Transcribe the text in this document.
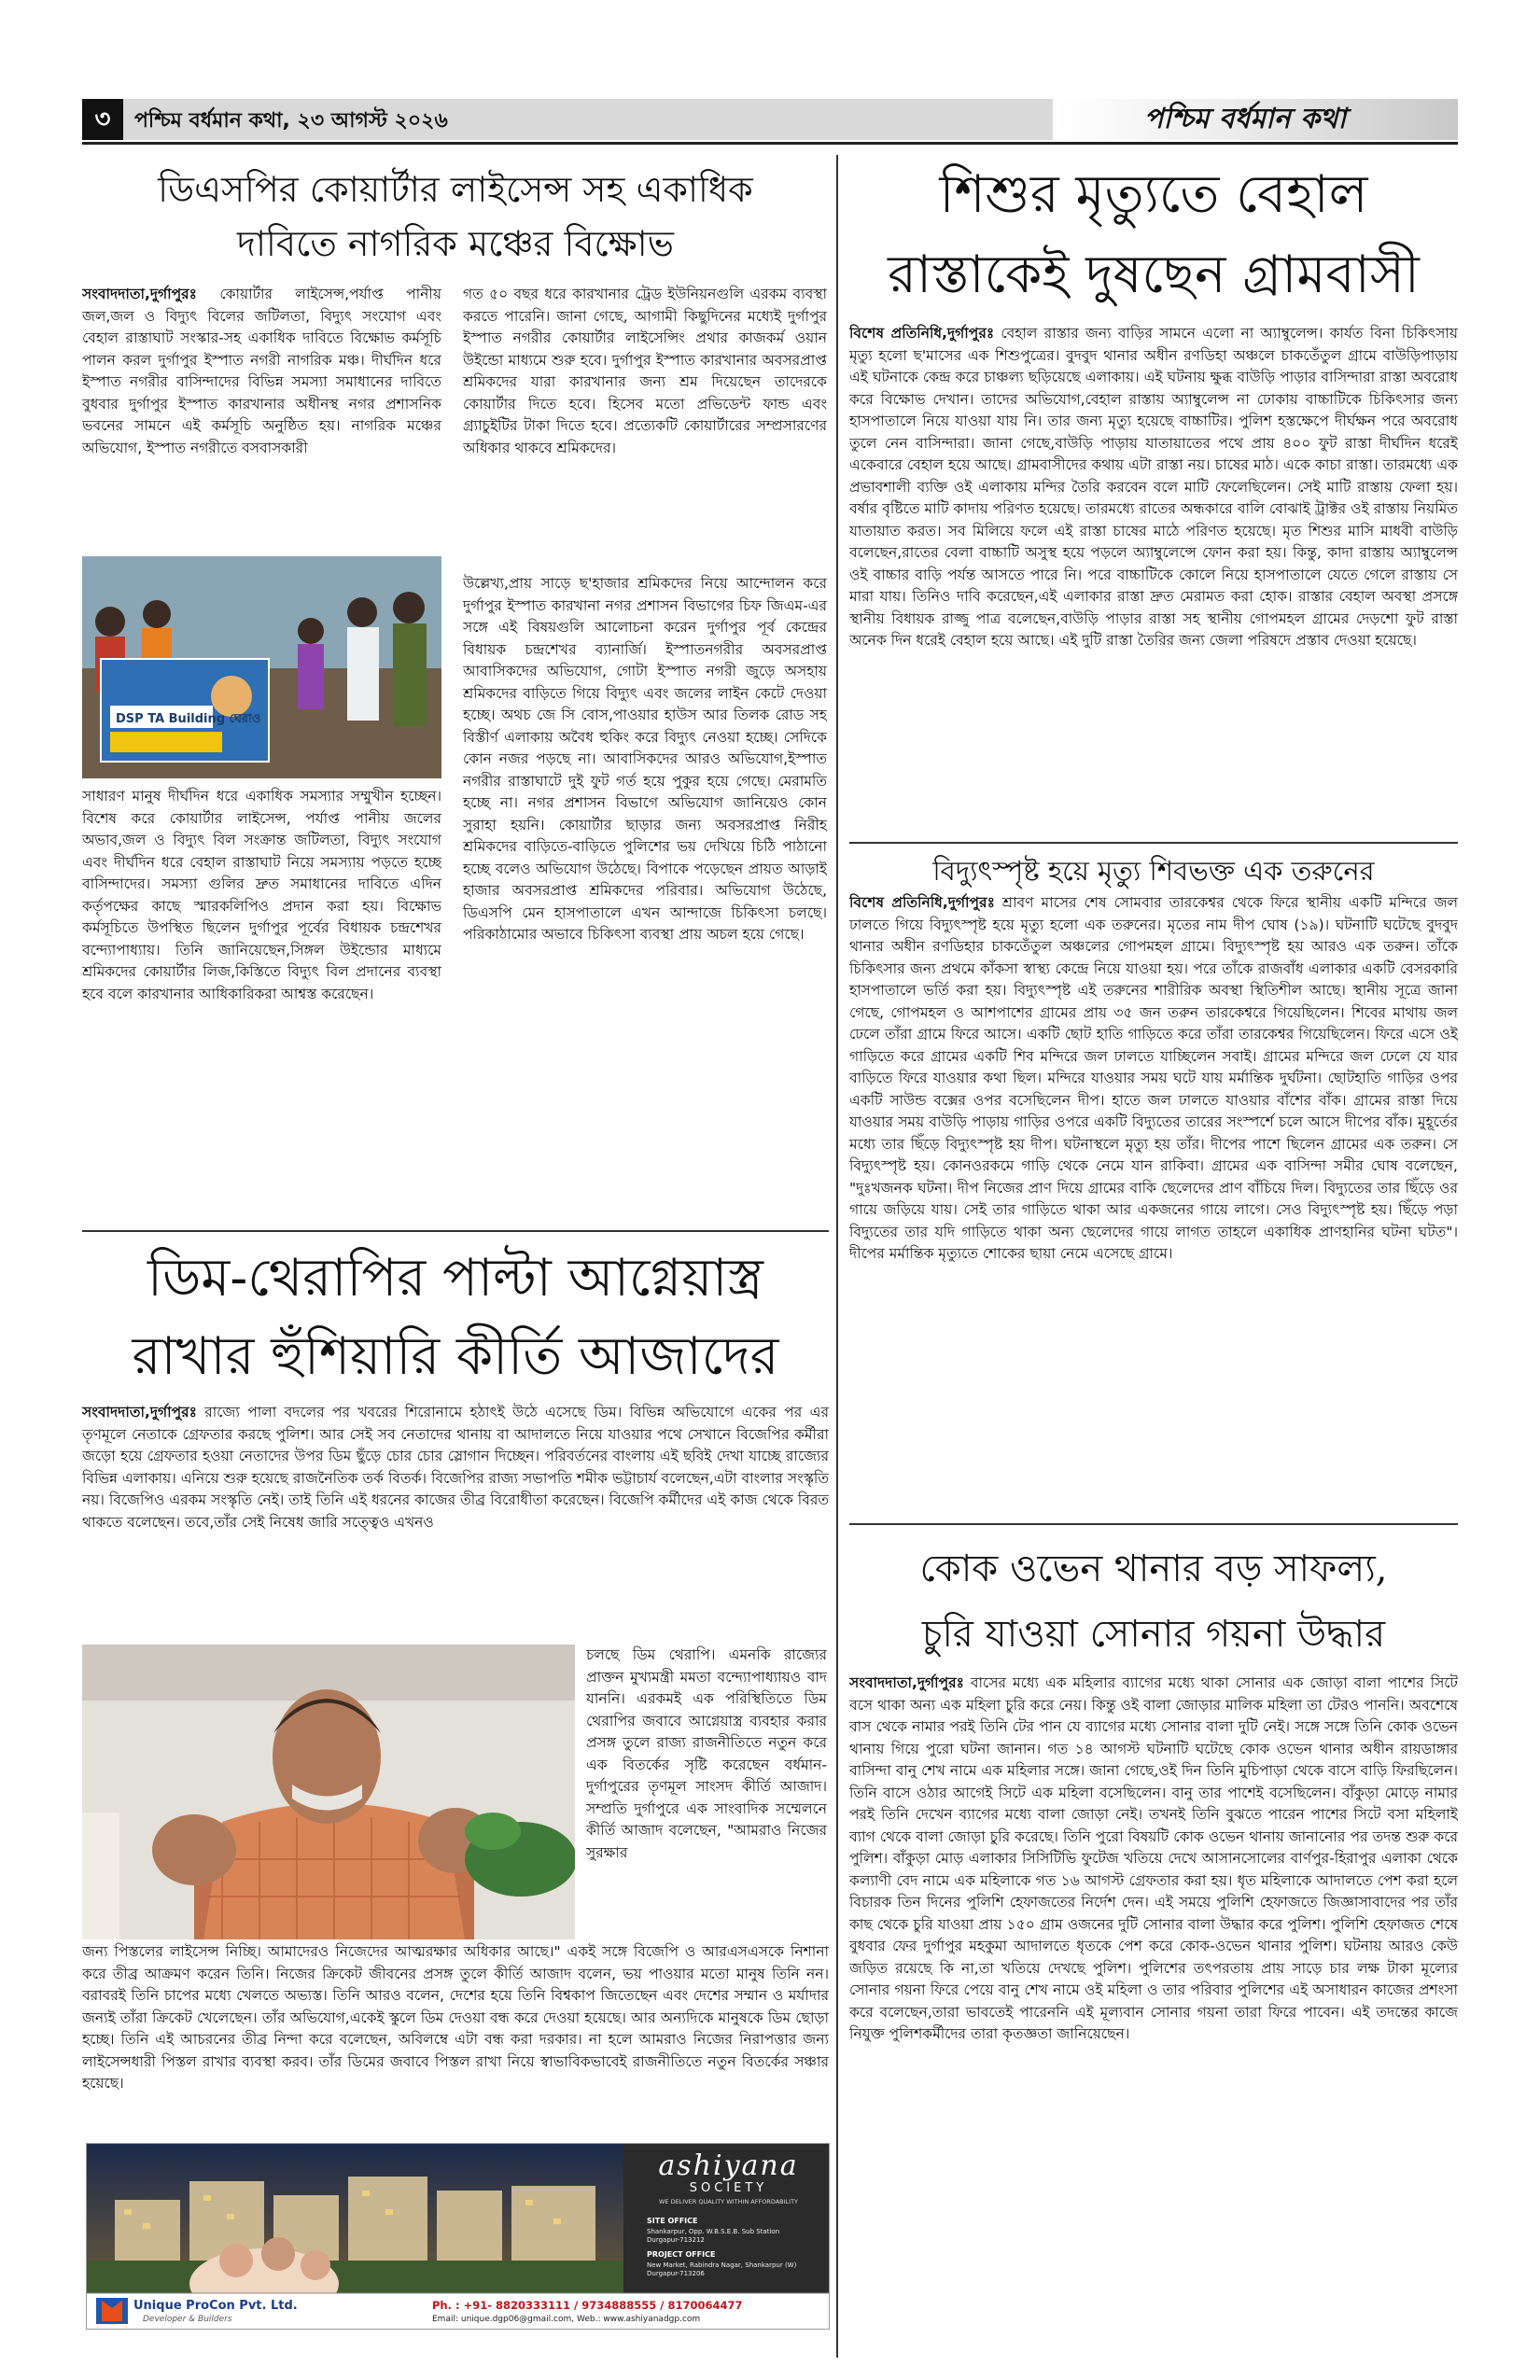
৩	পশ্চিম বর্ধমান কথা, ২৩ আগস্ট ২০২৬	পশ্চিম বর্ধমান কথা
ডিএসপির কোয়ার্টার লাইসেন্স সহ একাধিক
দাবিতে নাগরিক মঞ্চের বিক্ষোভ
সংবাদদাতা,দুর্গাপুরঃ কোয়ার্টার লাইসেন্স,পর্যাপ্ত পানীয় জল,জল ও বিদ্যুৎ বিলের জটিলতা, বিদ্যুৎ সংযোগ এবং বেহাল রাস্তাঘাট সংস্কার-সহ একাধিক দাবিতে বিক্ষোভ কর্মসূচি পালন করল দুর্গাপুর ইস্পাত নগরী নাগরিক মঞ্চ। দীর্ঘদিন ধরে ইস্পাত নগরীর বাসিন্দাদের বিভিন্ন সমস্যা সমাধানের দাবিতে বুধবার দুর্গাপুর ইস্পাত কারখানার অধীনস্থ নগর প্রশাসনিক ভবনের সামনে এই কর্মসূচি অনুষ্ঠিত হয়। নাগরিক মঞ্চের অভিযোগ, ইস্পাত নগরীতে বসবাসকারী
DSP TA Building ঘেরাও
সাধারণ মানুষ দীর্ঘদিন ধরে একাধিক সমস্যার সম্মুখীন হচ্ছেন। বিশেষ করে কোয়ার্টার লাইসেন্স, পর্যাপ্ত পানীয় জলের অভাব,জল ও বিদ্যুৎ বিল সংক্রান্ত জটিলতা, বিদ্যুৎ সংযোগ এবং দীর্ঘদিন ধরে বেহাল রাস্তাঘাট নিয়ে সমস্যায় পড়তে হচ্ছে বাসিন্দাদের। সমস্যা গুলির দ্রুত সমাধানের দাবিতে এদিন কর্তৃপক্ষের কাছে স্মারকলিপিও প্রদান করা হয়। বিক্ষোভ কর্মসূচিতে উপস্থিত ছিলেন দুর্গাপুর পূর্বের বিধায়ক চন্দ্রশেখর বন্দ্যোপাধ্যায়। তিনি জানিয়েছেন,সিঙ্গল উইন্ডোর মাধ্যমে শ্রমিকদের কোয়ার্টার লিজ,কিস্তিতে বিদ্যুৎ বিল প্রদানের ব্যবস্থা হবে বলে কারখানার আধিকারিকরা আশ্বস্ত করেছেন।
গত ৫০ বছর ধরে কারখানার ট্রেড ইউনিয়নগুলি এরকম ব্যবস্থা করতে পারেনি। জানা গেছে, আগামী কিছুদিনের মধ্যেই দুর্গাপুর ইস্পাত নগরীর কোয়ার্টার লাইসেন্সিং প্রথার কাজকর্ম ওয়ান উইন্ডো মাধ্যমে শুরু হবে। দুর্গাপুর ইস্পাত কারখানার অবসরপ্রাপ্ত শ্রমিকদের যারা কারখানার জন্য শ্রম দিয়েছেন তাদেরকে কোয়ার্টার দিতে হবে। হিসেব মতো প্রভিডেন্ট ফান্ড এবং গ্র্যাচুইটির টাকা দিতে হবে। প্রত্যেকটি কোয়ার্টারের সম্প্রসারণের অধিকার থাকবে শ্রমিকদের।
উল্লেখ্য,প্রায় সাড়ে ছ'হাজার শ্রমিকদের নিয়ে আন্দোলন করে দুর্গাপুর ইস্পাত কারখানা নগর প্রশাসন বিভাগের চিফ জিএম-এর সঙ্গে এই বিষয়গুলি আলোচনা করেন দুর্গাপুর পূর্ব কেন্দ্রের বিধায়ক চন্দ্রশেখর ব্যানার্জি। ইস্পাতনগরীর অবসরপ্রাপ্ত আবাসিকদের অভিযোগ, গোটা ইস্পাত নগরী জুড়ে অসহায় শ্রমিকদের বাড়িতে গিয়ে বিদ্যুৎ এবং জলের লাইন কেটে দেওয়া হচ্ছে। অথচ জে সি বোস,পাওয়ার হাউস আর তিলক রোড সহ বিস্তীর্ণ এলাকায় অবৈধ হুকিং করে বিদ্যুৎ নেওয়া হচ্ছে। সেদিকে কোন নজর পড়ছে না। আবাসিকদের আরও অভিযোগ,ইস্পাত নগরীর রাস্তাঘাটে দুই ফুট গর্ত হয়ে পুকুর হয়ে গেছে। মেরামতি হচ্ছে না। নগর প্রশাসন বিভাগে অভিযোগ জানিয়েও কোন সুরাহা হয়নি। কোয়ার্টার ছাড়ার জন্য অবসরপ্রাপ্ত নিরীহ শ্রমিকদের বাড়িতে-বাড়িতে পুলিশের ভয় দেখিয়ে চিঠি পাঠানো হচ্ছে বলেও অভিযোগ উঠেছে। বিপাকে পড়েছেন প্রায়ত আড়াই হাজার অবসরপ্রাপ্ত শ্রমিকদের পরিবার। অভিযোগ উঠেছে, ডিএসপি মেন হাসপাতালে এখন আন্দাজে চিকিৎসা চলছে। পরিকাঠামোর অভাবে চিকিৎসা ব্যবস্থা প্রায় অচল হয়ে গেছে।
ডিম-থেরাপির পাল্টা আগ্নেয়াস্ত্র
রাখার হুঁশিয়ারি কীর্তি আজাদের
সংবাদদাতা,দুর্গাপুরঃ রাজ্যে পালা বদলের পর খবরের শিরোনামে হঠাৎই উঠে এসেছে ডিম। বিভিন্ন অভিযোগে একের পর এর তৃণমূলে নেতাকে গ্রেফতার করছে পুলিশ। আর সেই সব নেতাদের থানায় বা আদালতে নিয়ে যাওয়ার পথে সেখানে বিজেপির কর্মীরা জড়ো হয়ে গ্রেফতার হওয়া নেতাদের উপর ডিম ছুঁড়ে চোর চোর স্লোগান দিচ্ছেন। পরিবর্তনের বাংলায় এই ছবিই দেখা যাচ্ছে রাজ্যের বিভিন্ন এলাকায়। এনিয়ে শুরু হয়েছে রাজনৈতিক তর্ক বিতর্ক। বিজেপির রাজ্য সভাপতি শমীক ভট্টাচার্য বলেছেন,এটা বাংলার সংস্কৃতি নয়। বিজেপিও এরকম সংস্কৃতি নেই। তাই তিনি এই ধরনের কাজের তীব্র বিরোধীতা করেছেন। বিজেপি কর্মীদের এই কাজ থেকে বিরত থাকতে বলেছেন। তবে,তাঁর সেই নিষেধ জারি সত্ত্বেও এখনও
চলছে ডিম থেরাপি। এমনকি রাজ্যের প্রাক্তন মুখ্যমন্ত্রী মমতা বন্দ্যোপাধ্যায়ও বাদ যাননি। এরকমই এক পরিস্থিতিতে ডিম থেরাপির জবাবে আগ্নেয়াস্ত্র ব্যবহার করার প্রসঙ্গ তুলে রাজ্য রাজনীতিতে নতুন করে এক বিতর্কের সৃষ্টি করেছেন বর্ধমান-দুর্গাপুরের তৃণমূল সাংসদ কীর্তি আজাদ। সম্প্রতি দুর্গাপুরে এক সাংবাদিক সম্মেলনে কীর্তি আজাদ বলেছেন, "আমরাও নিজের সুরক্ষার
জন্য পিস্তলের লাইসেন্স নিচ্ছি। আমাদেরও নিজেদের আত্মরক্ষার অধিকার আছে।" একই সঙ্গে বিজেপি ও আরএসএসকে নিশানা করে তীব্র আক্রমণ করেন তিনি। নিজের ক্রিকেট জীবনের প্রসঙ্গ তুলে কীর্তি আজাদ বলেন, ভয় পাওয়ার মতো মানুষ তিনি নন। বরাবরই তিনি চাপের মধ্যে খেলতে অভ্যস্ত। তিনি আরও বলেন, দেশের হয়ে তিনি বিশ্বকাপ জিতেছেন এবং দেশের সম্মান ও মর্যাদার জন্যই তাঁরা ক্রিকেট খেলেছেন। তাঁর অভিযোগ,একেই স্কুলে ডিম দেওয়া বন্ধ করে দেওয়া হয়েছে। আর অন্যদিকে মানুষকে ডিম ছোড়া হচ্ছে। তিনি এই আচরনের তীব্র নিন্দা করে বলেছেন, অবিলম্বে এটা বন্ধ করা দরকার। না হলে আমরাও নিজের নিরাপত্তার জন্য লাইসেন্সধারী পিস্তল রাখার ব্যবস্থা করব। তাঁর ডিমের জবাবে পিস্তল রাখা নিয়ে স্বাভাবিকভাবেই রাজনীতিতে নতুন বিতর্কের সঞ্চার হয়েছে।
ashiyana
SOCIETY
WE DELIVER QUALITY WITHIN AFFORDABILITY
SITE OFFICE
Shankarpur, Opp. W.B.S.E.B. Sub Station Durgapur-713212
PROJECT OFFICE
New Market, Rabindra Nagar, Shankarpur (W) Durgapur-713206
Unique ProCon Pvt. Ltd.
Developer & Builders
Ph. : +91- 8820333111 / 9734888555 / 8170064477
Email: unique.dgp06@gmail.com, Web.: www.ashiyanadgp.com
শিশুর মৃত্যুতে বেহাল
রাস্তাকেই দুষছেন গ্রামবাসী
বিশেষ প্রতিনিধি,দুর্গাপুরঃ বেহাল রাস্তার জন্য বাড়ির সামনে এলো না অ্যাম্বুলেন্স। কার্যত বিনা চিকিৎসায় মৃত্যু হলো ছ'মাসের এক শিশুপুত্রের। বুদবুদ থানার অধীন রণডিহা অঞ্চলে চাকতেঁতুল গ্রামে বাউড়িপাড়ায় এই ঘটনাকে কেন্দ্র করে চাঞ্চল্য ছড়িয়েছে এলাকায়। এই ঘটনায় ক্ষুব্ধ বাউড়ি পাড়ার বাসিন্দারা রাস্তা অবরোধ করে বিক্ষোভ দেখান। তাদের অভিযোগ,বেহাল রাস্তায় অ্যাম্বুলেন্স না ঢোকায় বাচ্চাটিকে চিকিৎসার জন্য হাসপাতালে নিয়ে যাওয়া যায় নি। তার জন্য মৃত্যু হয়েছে বাচ্চাটির। পুলিশ হস্তক্ষেপে দীর্ঘক্ষন পরে অবরোধ তুলে নেন বাসিন্দারা। জানা গেছে,বাউড়ি পাড়ায় যাতায়াতের পথে প্রায় ৪০০ ফুট রাস্তা দীর্ঘদিন ধরেই একেবারে বেহাল হয়ে আছে। গ্রামবাসীদের কথায় এটা রাস্তা নয়। চাষের মাঠ। একে কাচা রাস্তা। তারমধ্যে এক প্রভাবশালী ব্যক্তি ওই এলাকায় মন্দির তৈরি করবেন বলে মাটি ফেলেছিলেন। সেই মাটি রাস্তায় ফেলা হয়। বর্ষার বৃষ্টিতে মাটি কাদায় পরিণত হয়েছে। তারমধ্যে রাতের অন্ধকারে বালি বোঝাই ট্রাক্টর ওই রাস্তায় নিয়মিত যাতায়াত করত। সব মিলিয়ে ফলে এই রাস্তা চাষের মাঠে পরিণত হয়েছে। মৃত শিশুর মাসি মাধবী বাউড়ি বলেছেন,রাতের বেলা বাচ্চাটি অসুস্থ হয়ে পড়লে অ্যাম্বুলেন্সে ফোন করা হয়। কিন্তু, কাদা রাস্তায় অ্যাম্বুলেন্স ওই বাচ্চার বাড়ি পর্যন্ত আসতে পারে নি। পরে বাচ্চাটিকে কোলে নিয়ে হাসপাতালে যেতে গেলে রাস্তায় সে মারা যায়। তিনিও দাবি করেছেন,এই এলাকার রাস্তা দ্রুত মেরামত করা হোক। রাস্তার বেহাল অবস্থা প্রসঙ্গে স্থানীয় বিধায়ক রাজ্জু পাত্র বলেছেন,বাউড়ি পাড়ার রাস্তা সহ স্থানীয় গোপমহল গ্রামের দেড়শো ফুট রাস্তা অনেক দিন ধরেই বেহাল হয়ে আছে। এই দুটি রাস্তা তৈরির জন্য জেলা পরিষদে প্রস্তাব দেওয়া হয়েছে।
বিদ্যুৎস্পৃষ্ট হয়ে মৃত্যু শিবভক্ত এক তরুনের
বিশেষ প্রতিনিধি,দুর্গাপুরঃ শ্রাবণ মাসের শেষ সোমবার তারকেশ্বর থেকে ফিরে স্থানীয় একটি মন্দিরে জল ঢালতে গিয়ে বিদ্যুৎস্পৃষ্ট হয়ে মৃত্যু হলো এক তরুনের। মৃতের নাম দীপ ঘোষ (১৯)। ঘটনাটি ঘটেছে বুদবুদ থানার অধীন রণডিহার চাকতেঁতুল অঞ্চলের গোপমহল গ্রামে। বিদ্যুৎস্পৃষ্ট হয় আরও এক তরুন। তাঁকে চিকিৎসার জন্য প্রথমে কাঁকসা স্বাস্থ্য কেন্দ্রে নিয়ে যাওয়া হয়। পরে তাঁকে রাজবাঁধ এলাকার একটি বেসরকারি হাসপাতালে ভর্তি করা হয়। বিদ্যুৎস্পৃষ্ট এই তরুনের শারীরিক অবস্থা স্থিতিশীল আছে। স্থানীয় সূত্রে জানা গেছে, গোপমহল ও আশপাশের গ্রামের প্রায় ৩৫ জন তরুন তারকেশ্বরে গিয়েছিলেন। শিবের মাথায় জল ঢেলে তাঁরা গ্রামে ফিরে আসে। একটি ছোট হাতি গাড়িতে করে তাঁরা তারকেশ্বর গিয়েছিলেন। ফিরে এসে ওই গাড়িতে করে গ্রামের একটি শিব মন্দিরে জল ঢালতে যাচ্ছিলেন সবাই। গ্রামের মন্দিরে জল ঢেলে যে যার বাড়িতে ফিরে যাওয়ার কথা ছিল। মন্দিরে যাওয়ার সময় ঘটে যায় মর্মান্তিক দুর্ঘটনা। ছোটহাতি গাড়ির ওপর একটি সাউন্ড বক্সের ওপর বসেছিলেন দীপ। হাতে জল ঢালতে যাওয়ার বাঁশের বাঁক। গ্রামের রাস্তা দিয়ে যাওয়ার সময় বাউড়ি পাড়ায় গাড়ির ওপরে একটি বিদ্যুতের তারের সংস্পর্শে চলে আসে দীপের বাঁক। মুহূর্তের মধ্যে তার ছিঁড়ে বিদ্যুৎস্পৃষ্ট হয় দীপ। ঘটনাস্থলে মৃত্যু হয় তাঁর। দীপের পাশে ছিলেন গ্রামের এক তরুন। সে বিদ্যুৎস্পৃষ্ট হয়। কোনওরকমে গাড়ি থেকে নেমে যান রাকিবা। গ্রামের এক বাসিন্দা সমীর ঘোষ বলেছেন, "দুঃখজনক ঘটনা। দীপ নিজের প্রাণ দিয়ে গ্রামের বাকি ছেলেদের প্রাণ বাঁচিয়ে দিল। বিদ্যুতের তার ছিঁড়ে ওর গায়ে জড়িয়ে যায়। সেই তার গাড়িতে থাকা আর একজনের গায়ে লাগে। সেও বিদ্যুৎস্পৃষ্ট হয়। ছিঁড়ে পড়া বিদ্যুতের তার যদি গাড়িতে থাকা অন্য ছেলেদের গায়ে লাগত তাহলে একাধিক প্রাণহানির ঘটনা ঘটত"। দীপের মর্মান্তিক মৃত্যুতে শোকের ছায়া নেমে এসেছে গ্রামে।
কোক ওভেন থানার বড় সাফল্য,
চুরি যাওয়া সোনার গয়না উদ্ধার
সংবাদদাতা,দুর্গাপুরঃ বাসের মধ্যে এক মহিলার ব্যাগের মধ্যে থাকা সোনার এক জোড়া বালা পাশের সিটে বসে থাকা অন্য এক মহিলা চুরি করে নেয়। কিন্তু ওই বালা জোড়ার মালিক মহিলা তা টেরও পাননি। অবশেষে বাস থেকে নামার পরই তিনি টের পান যে ব্যাগের মধ্যে সোনার বালা দুটি নেই। সঙ্গে সঙ্গে তিনি কোক ওভেন থানায় গিয়ে পুরো ঘটনা জানান। গত ১৪ আগস্ট ঘটনাটি ঘটেছে কোক ওভেন থানার অধীন রায়ডাঙ্গার বাসিন্দা বানু শেখ নামে এক মহিলার সঙ্গে। জানা গেছে,ওই দিন তিনি মুচিপাড়া থেকে বাসে বাড়ি ফিরছিলেন। তিনি বাসে ওঠার আগেই সিটে এক মহিলা বসেছিলেন। বানু তার পাশেই বসেছিলেন। বাঁকুড়া মোড়ে নামার পরই তিনি দেখেন ব্যাগের মধ্যে বালা জোড়া নেই। তখনই তিনি বুঝতে পারেন পাশের সিটে বসা মহিলাই ব্যাগ থেকে বালা জোড়া চুরি করেছে। তিনি পুরো বিষয়টি কোক ওভেন থানায় জানানোর পর তদন্ত শুরু করে পুলিশ। বাঁকুড়া মোড় এলাকার সিসিটিভি ফুটেজ খতিয়ে দেখে আসানসোলের বার্ণপুর-হিরাপুর এলাকা থেকে কল্যাণী বেদ নামে এক মহিলাকে গত ১৬ আগস্ট গ্রেফতার করা হয়। ধৃত মহিলাকে আদালতে পেশ করা হলে বিচারক তিন দিনের পুলিশি হেফাজতের নির্দেশ দেন। এই সময়ে পুলিশি হেফাজতে জিজ্ঞাসাবাদের পর তাঁর কাছ থেকে চুরি যাওয়া প্রায় ১৫০ গ্রাম ওজনের দুটি সোনার বালা উদ্ধার করে পুলিশ। পুলিশি হেফাজত শেষে বুধবার ফের দুর্গাপুর মহকুমা আদালতে ধৃতকে পেশ করে কোক-ওভেন থানার পুলিশ। ঘটনায় আরও কেউ জড়িত রয়েছে কি না,তা খতিয়ে দেখছে পুলিশ। পুলিশের তৎপরতায় প্রায় সাড়ে চার লক্ষ টাকা মূল্যের সোনার গয়না ফিরে পেয়ে বানু শেখ নামে ওই মহিলা ও তার পরিবার পুলিশের এই অসাধারন কাজের প্রশংসা করে বলেছেন,তারা ভাবতেই পারেননি এই মূল্যবান সোনার গয়না তারা ফিরে পাবেন। এই তদন্তের কাজে নিযুক্ত পুলিশকর্মীদের তারা কৃতজ্ঞতা জানিয়েছেন।
